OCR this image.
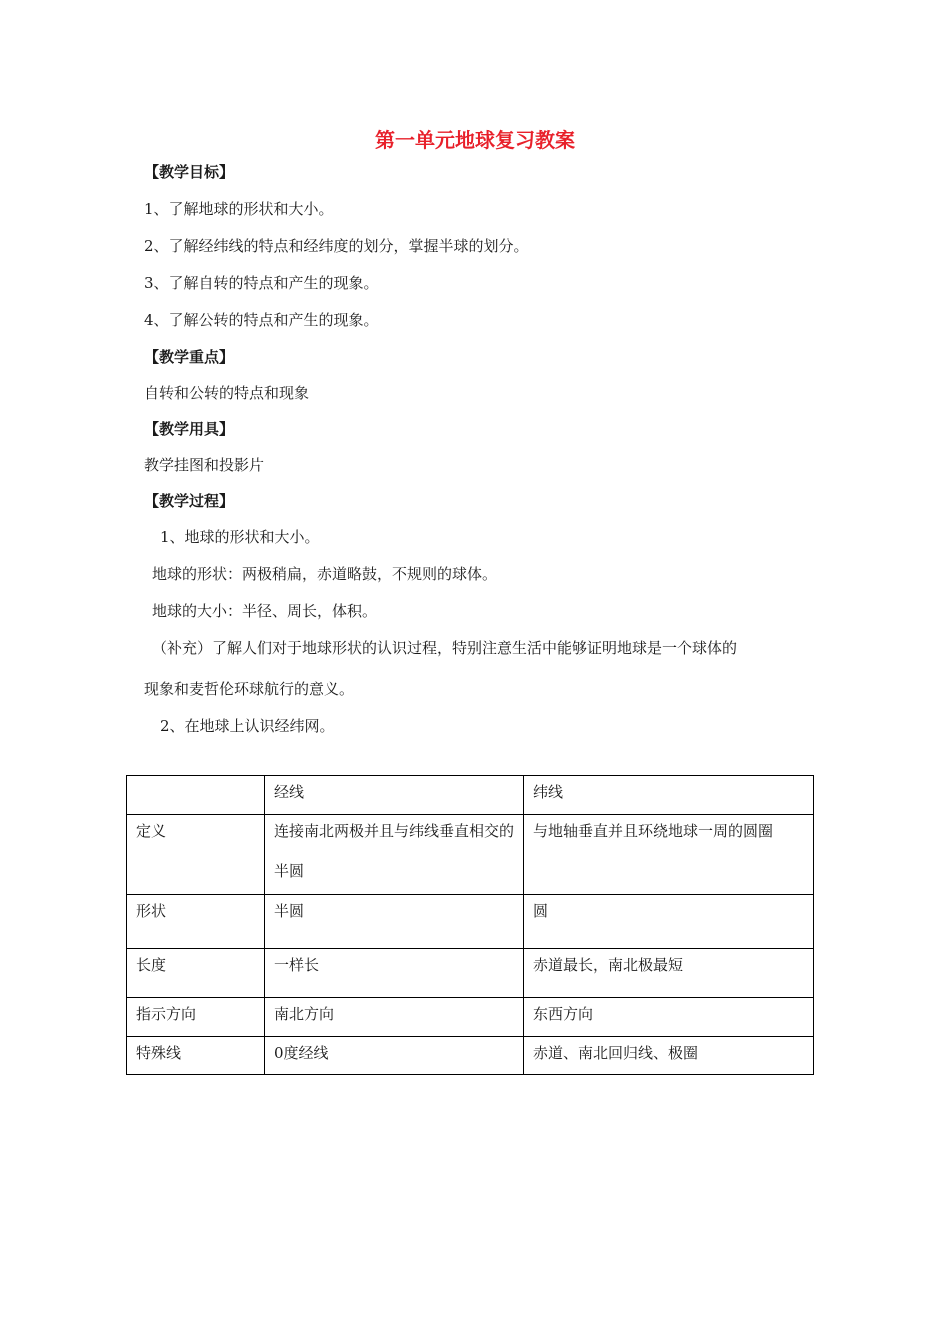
第一单元地球复习教案
【教学目标】
1、了解地球的形状和大小。
2、了解经纬线的特点和经纬度的划分，掌握半球的划分。
3、了解自转的特点和产生的现象。
4、了解公转的特点和产生的现象。
【教学重点】
自转和公转的特点和现象
【教学用具】
教学挂图和投影片
【教学过程】
1、地球的形状和大小。
地球的形状：两极稍扁，赤道略鼓，不规则的球体。
地球的大小：半径、周长，体积。
（补充）了解人们对于地球形状的认识过程，特别注意生活中能够证明地球是一个球体的
现象和麦哲伦环球航行的意义。
2、在地球上认识经纬网。
	经线	纬线
定义	连接南北两极并且与纬线垂直相交的半圆	与地轴垂直并且环绕地球一周的圆圈
形状	半圆	圆
长度	一样长	赤道最长，南北极最短
指示方向	南北方向	东西方向
特殊线	0度经线	赤道、南北回归线、极圈
